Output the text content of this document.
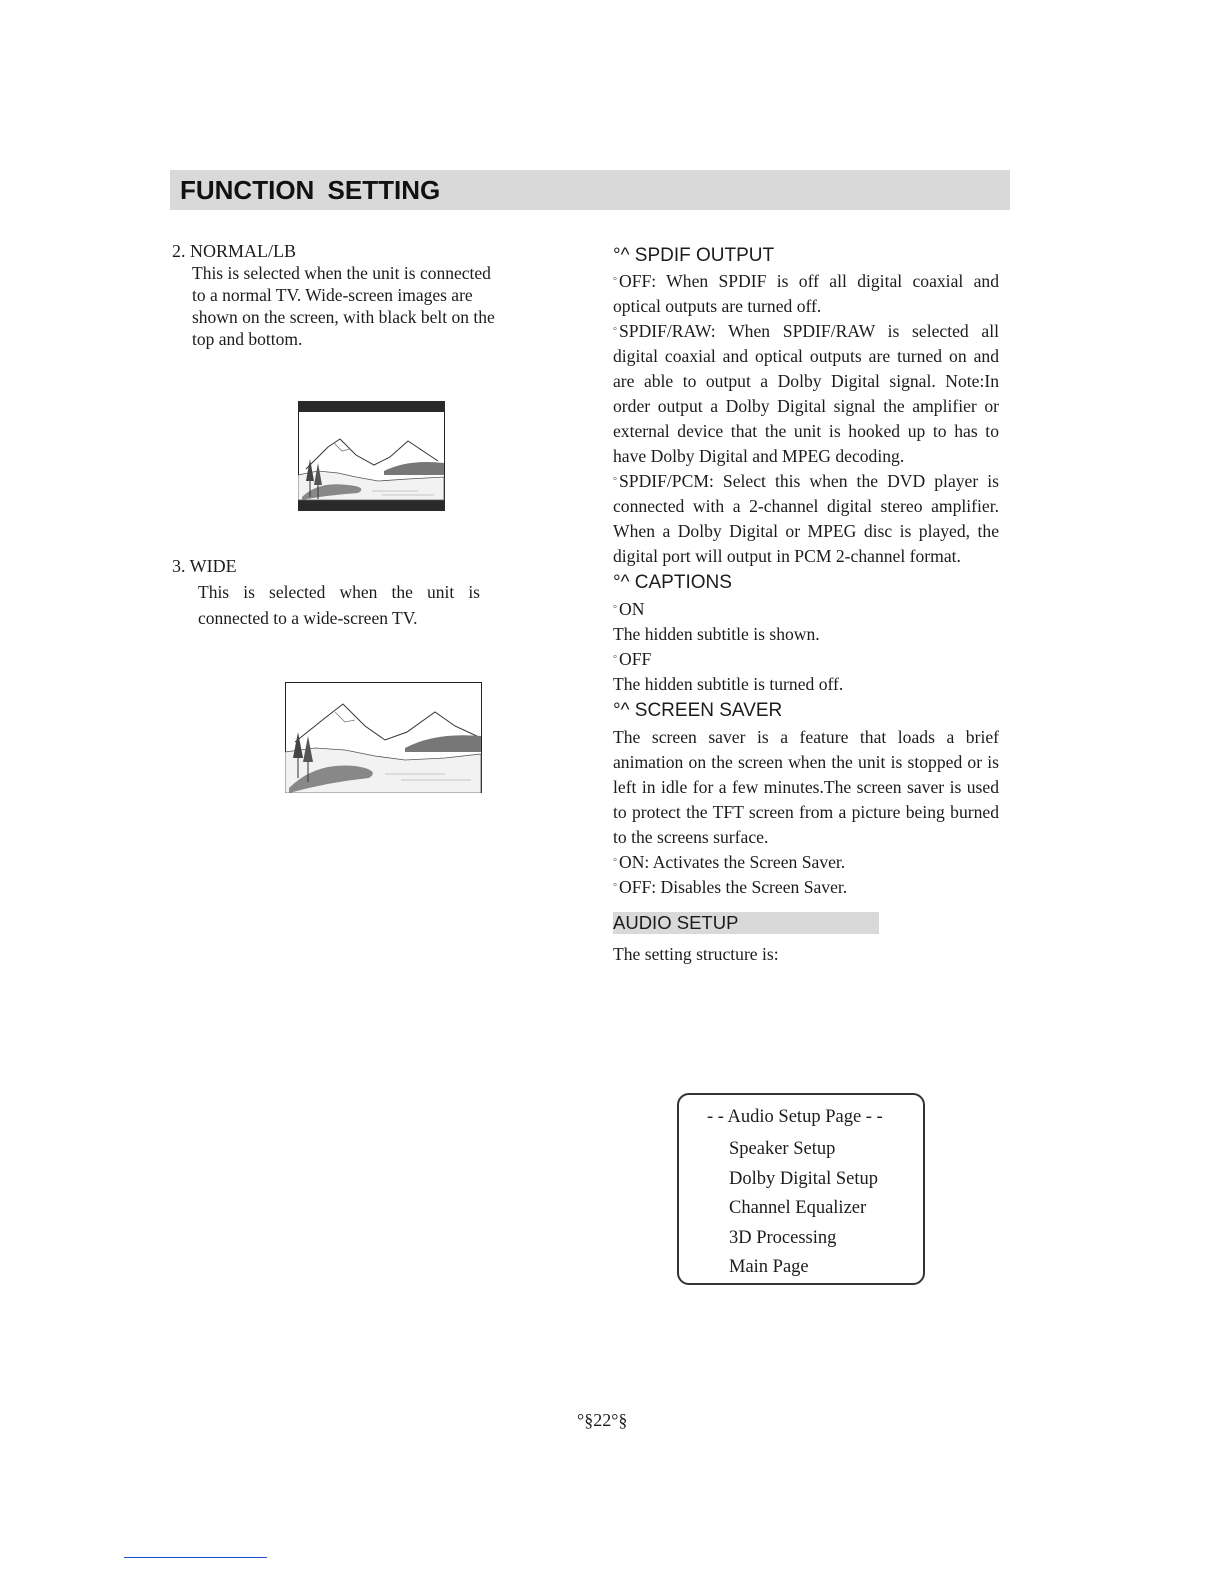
FUNCTION SETTING

2. NORMAL/LB

This is selected when the unit is connected
to a normal TV. Wide-screen images are
shown on the screen, with black belt on the
top and bottom.

3. WIDE

This is selected when the unit is connected to a wide-screen TV.

°^ SPDIF OUTPUT

° OFF: When SPDIF is off all digital coaxial and optical outputs are turned off.

° SPDIF/RAW: When SPDIF/RAW is selected all digital coaxial and optical outputs are turned on and are able to output a Dolby Digital signal. Note:In order output a Dolby Digital signal the amplifier or external device that the unit is hooked up to has to have Dolby Digital and MPEG decoding.

° SPDIF/PCM: Select this when the DVD player is connected with a 2-channel digital stereo amplifier. When a Dolby Digital or MPEG disc is played, the digital port will output in PCM 2-channel format.

°^ CAPTIONS

° ON

The hidden subtitle is shown.

° OFF

The hidden subtitle is turned off.

°^ SCREEN SAVER

The screen saver is a feature that loads a brief animation on the screen when the unit is stopped or is left in idle for a few minutes.The screen saver is used to protect the TFT screen from a picture being burned to the screens surface.

° ON: Activates the Screen Saver.

° OFF: Disables the Screen Saver.

AUDIO SETUP

The setting structure is:

- - Audio Setup Page - -
Speaker Setup
Dolby Digital Setup
Channel Equalizer
3D Processing
Main Page
°§22°§
